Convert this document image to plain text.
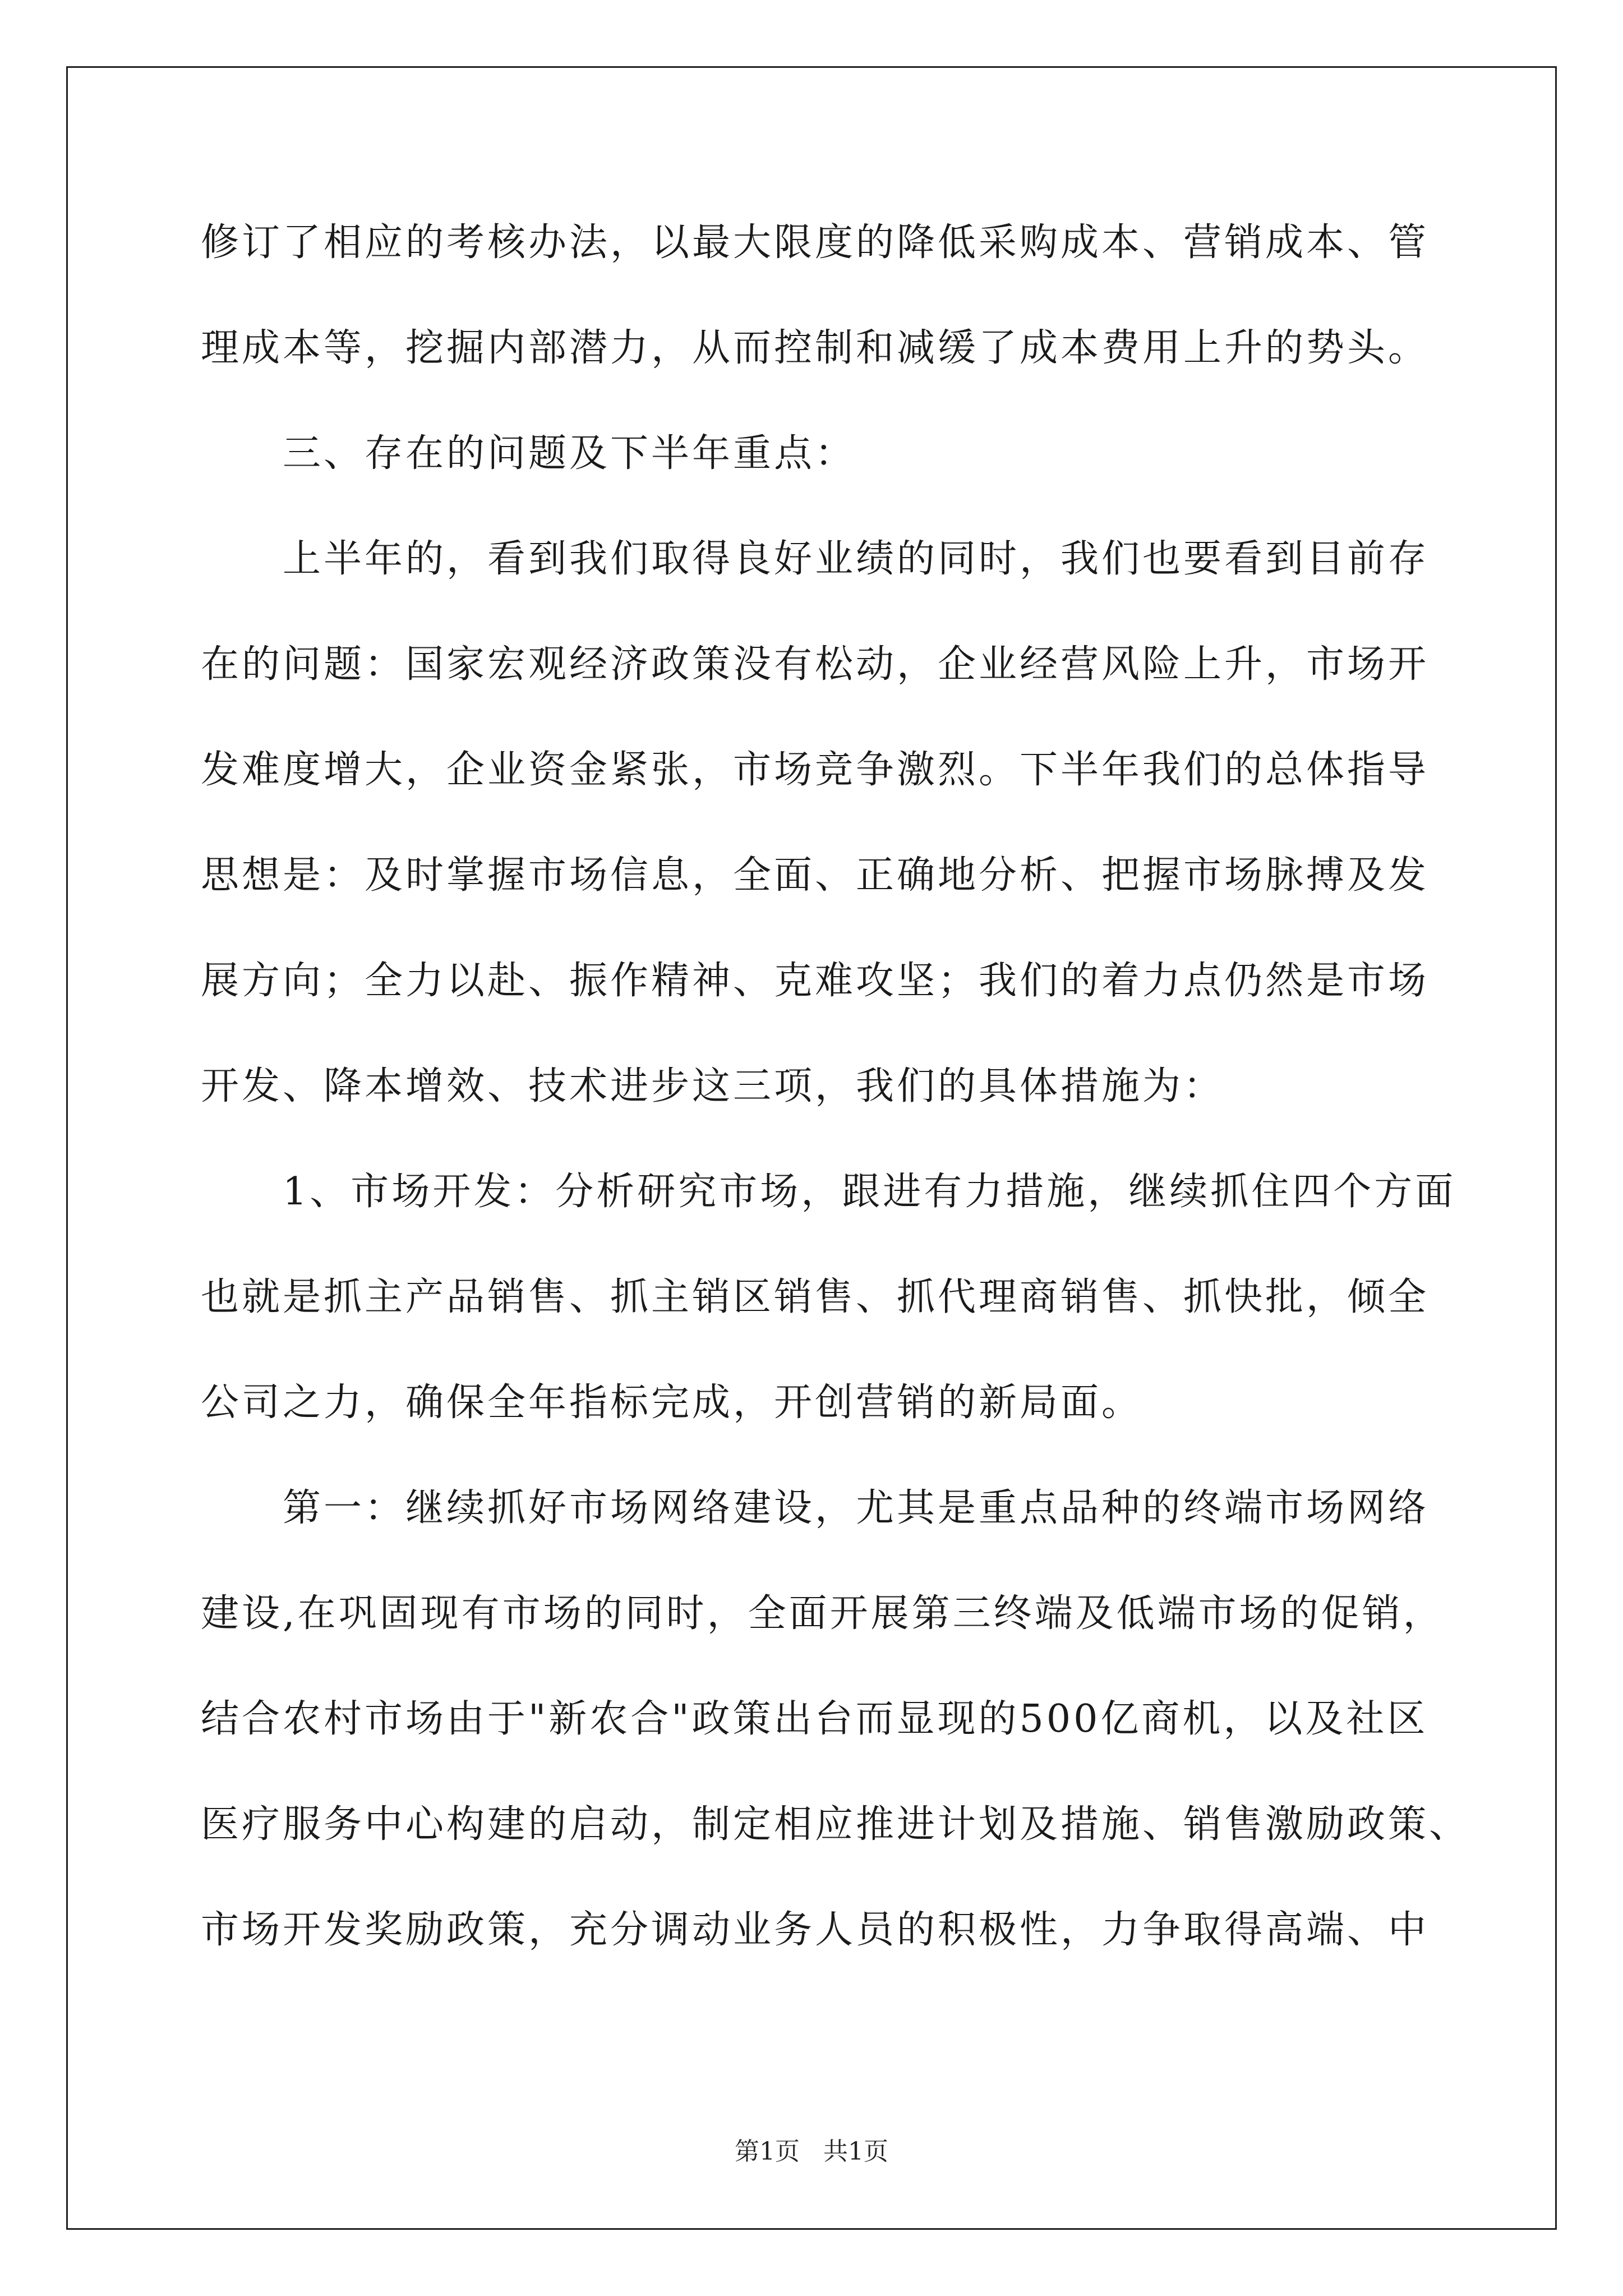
修订了相应的考核办法，以最大限度的降低采购成本、营销成本、管
理成本等，挖掘内部潜力，从而控制和减缓了成本费用上升的势头。
三、存在的问题及下半年重点：
上半年的，看到我们取得良好业绩的同时，我们也要看到目前存
在的问题：国家宏观经济政策没有松动，企业经营风险上升，市场开
发难度增大，企业资金紧张，市场竞争激烈。下半年我们的总体指导
思想是：及时掌握市场信息，全面、正确地分析、把握市场脉搏及发
展方向；全力以赴、振作精神、克难攻坚；我们的着力点仍然是市场
开发、降本增效、技术进步这三项，我们的具体措施为：
1、市场开发：分析研究市场，跟进有力措施，继续抓住四个方面
也就是抓主产品销售、抓主销区销售、抓代理商销售、抓快批，倾全
公司之力，确保全年指标完成，开创营销的新局面。
第一：继续抓好市场网络建设，尤其是重点品种的终端市场网络
建设,在巩固现有市场的同时，全面开展第三终端及低端市场的促销，
结合农村市场由于"新农合"政策出台而显现的500亿商机，以及社区
医疗服务中心构建的启动，制定相应推进计划及措施、销售激励政策、
市场开发奖励政策，充分调动业务人员的积极性，力争取得高端、中
第1页   共1页
